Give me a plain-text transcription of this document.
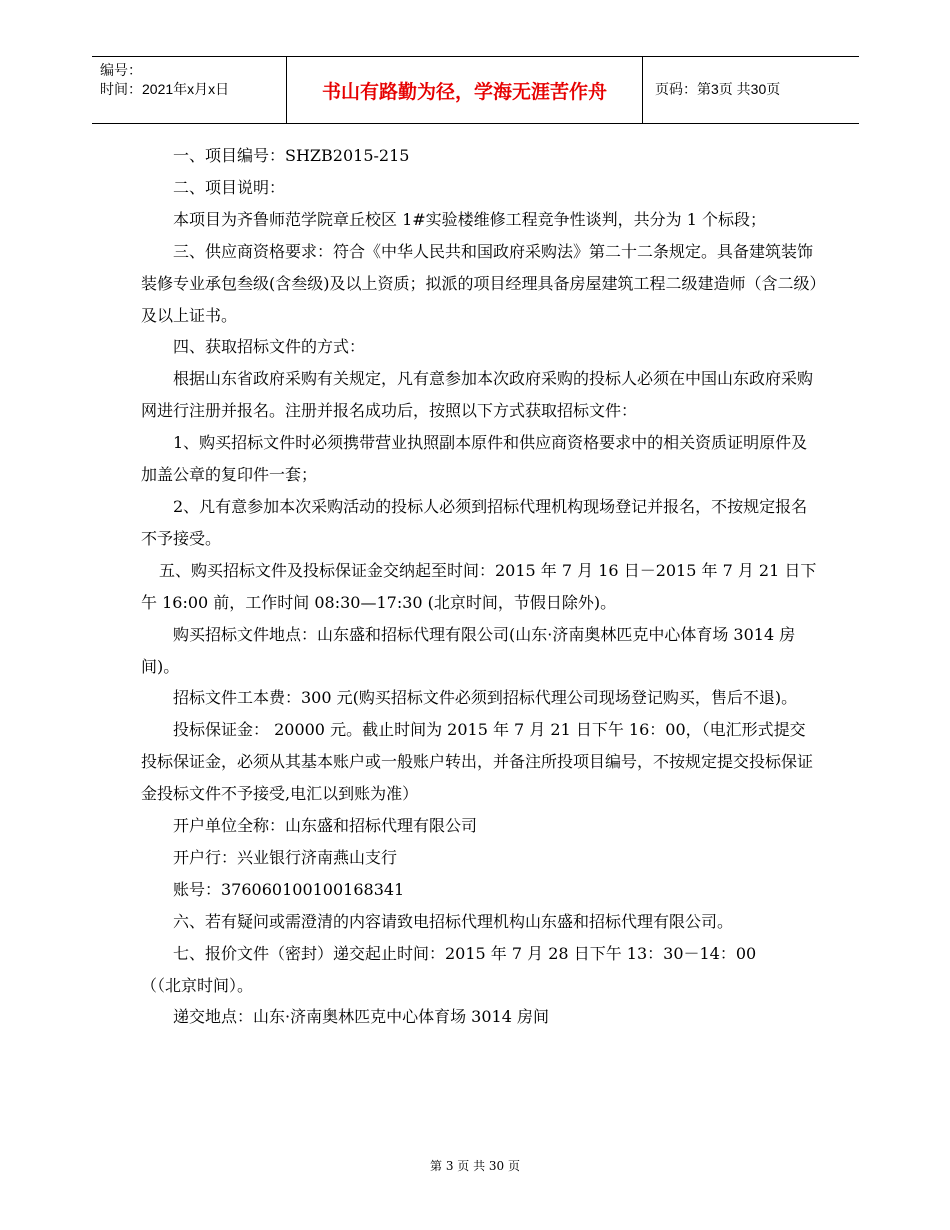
编号：
时间：2021年x月x日	书山有路勤为径，学海无涯苦作舟	页码：第3页 共30页

一、项目编号：SHZB2015-215

二、项目说明：

本项目为齐鲁师范学院章丘校区 1#实验楼维修工程竞争性谈判，共分为 1 个标段；

三、供应商资格要求：符合《中华人民共和国政府采购法》第二十二条规定。具备建筑装饰装修专业承包叁级(含叁级)及以上资质；拟派的项目经理具备房屋建筑工程二级建造师（含二级）及以上证书。

四、获取招标文件的方式：

根据山东省政府采购有关规定，凡有意参加本次政府采购的投标人必须在中国山东政府采购网进行注册并报名。注册并报名成功后，按照以下方式获取招标文件：

1、购买招标文件时必须携带营业执照副本原件和供应商资格要求中的相关资质证明原件及加盖公章的复印件一套；

2、凡有意参加本次采购活动的投标人必须到招标代理机构现场登记并报名，不按规定报名不予接受。

五、购买招标文件及投标保证金交纳起至时间：2015 年 7 月 16 日－2015 年 7 月 21 日下午 16:00 前，工作时间 08:30—17:30 (北京时间，节假日除外)。

购买招标文件地点：山东盛和招标代理有限公司(山东·济南奥林匹克中心体育场 3014 房间)。

招标文件工本费：300 元(购买招标文件必须到招标代理公司现场登记购买，售后不退)。

投标保证金： 20000 元。截止时间为 2015 年 7 月 21 日下午 16：00，（电汇形式提交投标保证金，必须从其基本账户或一般账户转出，并备注所投项目编号，不按规定提交投标保证金投标文件不予接受,电汇以到账为准）

开户单位全称：山东盛和招标代理有限公司

开户行：兴业银行济南燕山支行

账号：376060100100168341

六、若有疑问或需澄清的内容请致电招标代理机构山东盛和招标代理有限公司。

七、报价文件（密封）递交起止时间：2015 年 7 月 28 日下午 13：30－14：00

（（北京时间）。

递交地点：山东·济南奥林匹克中心体育场 3014 房间

第 3 页 共 30 页
